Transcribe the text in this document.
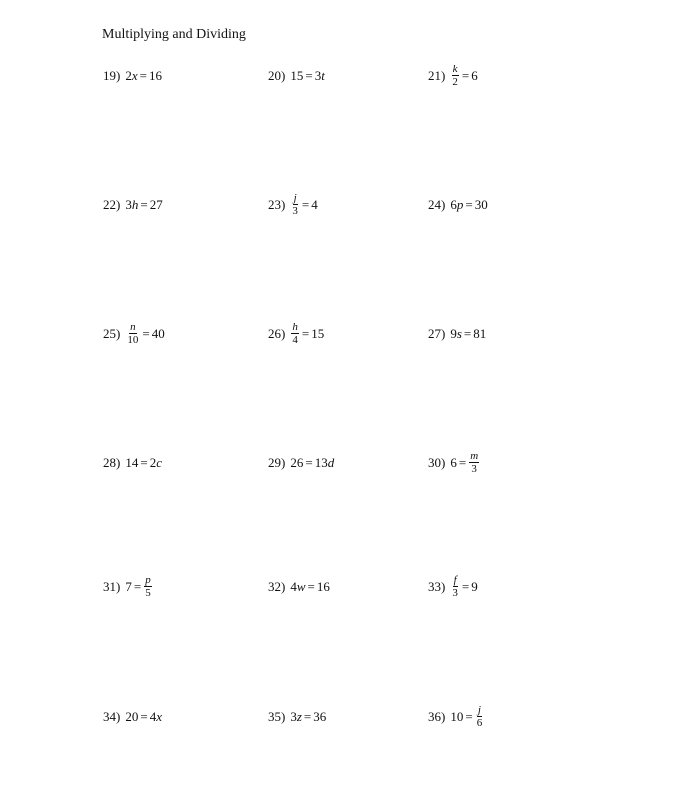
Multiplying and Dividing
19) 2 x = 16	20) 15 = 3 t	$21) \frac{k}{2} = 6$
22) 3 h = 27	$23) \frac{j}{3} = 4$	24) 6 p = 30
$25) \frac{n}{10} = 40$	$26) \frac{h}{4} = 15$	27) 9 s = 81
28) 14 = 2 c	29) 26 = 13 d	30) $6 = \frac{m}{3}$
31) $7 = \frac{p}{5}$	32) 4 w = 16	$33) \frac{f}{3} = 9$
34) 20 = 4 x	35) 3 z = 36	36) $10 = \frac{j}{6}$
